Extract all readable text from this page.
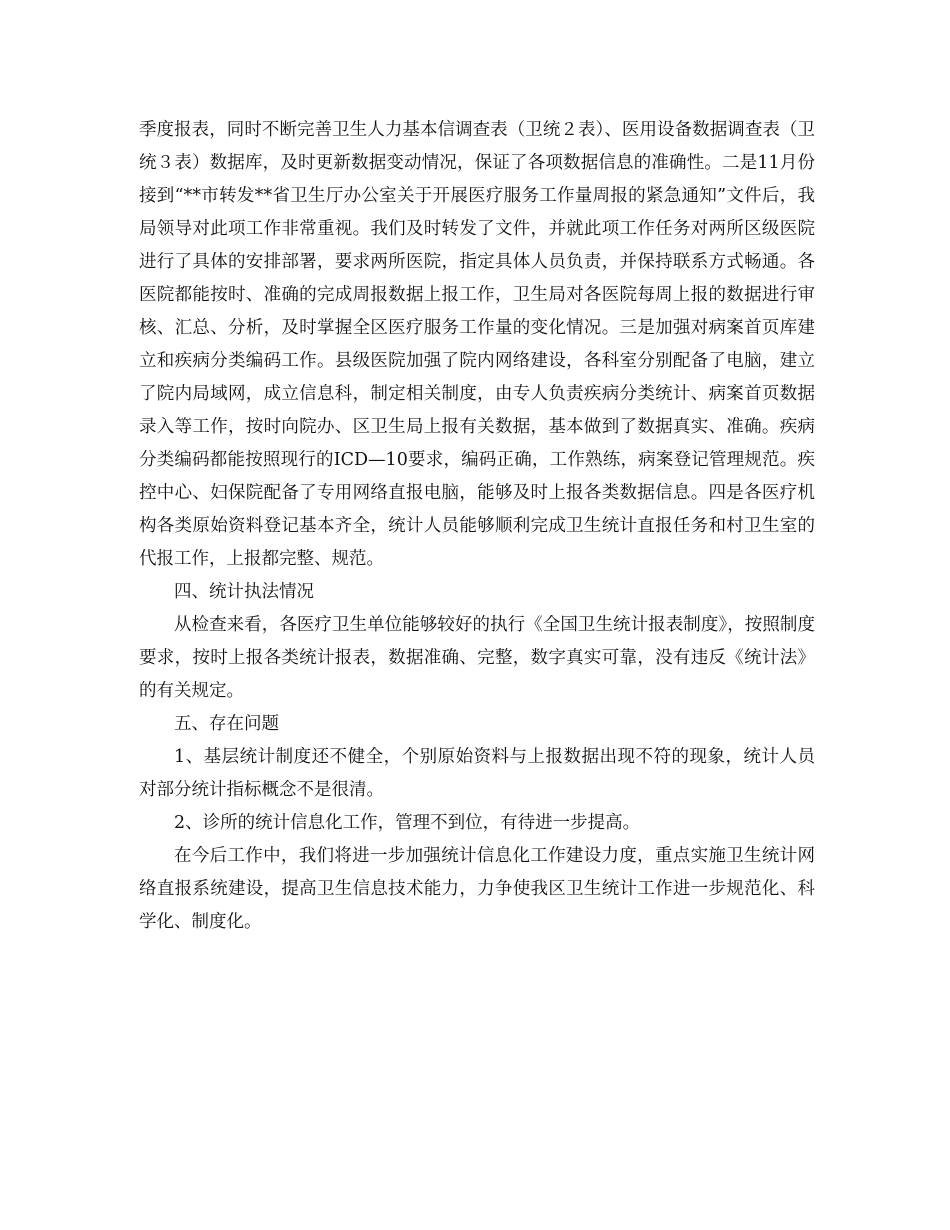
季度报表，同时不断完善卫生人力基本信调查表（卫统２表）、医用设备数据调查表（卫统３表）数据库，及时更新数据变动情况，保证了各项数据信息的准确性。二是11月份接到“**市转发**省卫生厅办公室关于开展医疗服务工作量周报的紧急通知”文件后，我局领导对此项工作非常重视。我们及时转发了文件，并就此项工作任务对两所区级医院进行了具体的安排部署，要求两所医院，指定具体人员负责，并保持联系方式畅通。各医院都能按时、准确的完成周报数据上报工作，卫生局对各医院每周上报的数据进行审核、汇总、分析，及时掌握全区医疗服务工作量的变化情况。三是加强对病案首页库建立和疾病分类编码工作。县级医院加强了院内网络建设，各科室分别配备了电脑，建立了院内局域网，成立信息科，制定相关制度，由专人负责疾病分类统计、病案首页数据录入等工作，按时向院办、区卫生局上报有关数据，基本做到了数据真实、准确。疾病分类编码都能按照现行的ICD—10要求，编码正确，工作熟练，病案登记管理规范。疾控中心、妇保院配备了专用网络直报电脑，能够及时上报各类数据信息。四是各医疗机构各类原始资料登记基本齐全，统计人员能够顺利完成卫生统计直报任务和村卫生室的代报工作，上报都完整、规范。

四、统计执法情况

从检查来看，各医疗卫生单位能够较好的执行《全国卫生统计报表制度》，按照制度要求，按时上报各类统计报表，数据准确、完整，数字真实可靠，没有违反《统计法》的有关规定。

五、存在问题

1、基层统计制度还不健全，个别原始资料与上报数据出现不符的现象，统计人员对部分统计指标概念不是很清。

2、诊所的统计信息化工作，管理不到位，有待进一步提高。

在今后工作中，我们将进一步加强统计信息化工作建设力度，重点实施卫生统计网络直报系统建设，提高卫生信息技术能力，力争使我区卫生统计工作进一步规范化、科学化、制度化。
